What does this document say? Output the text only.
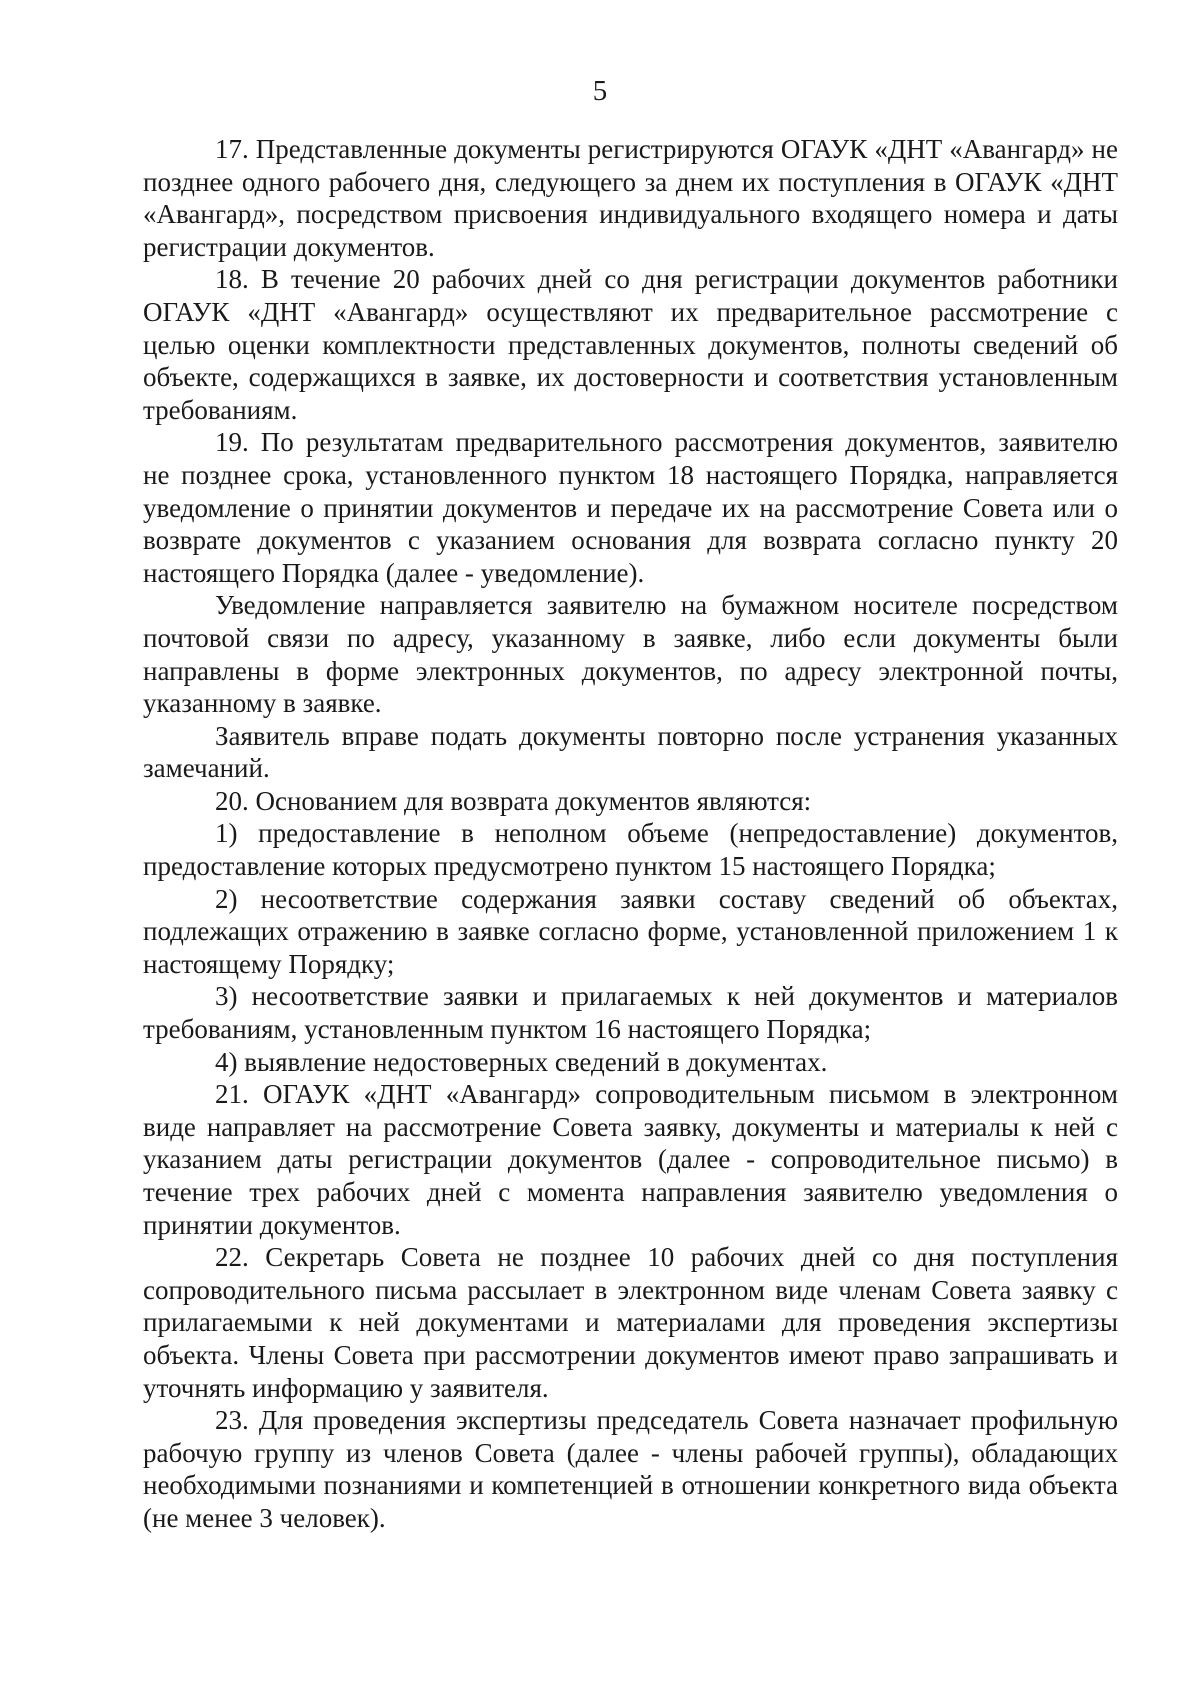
5

17. Представленные документы регистрируются ОГАУК «ДНТ «Авангард» не позднее одного рабочего дня, следующего за днем их поступления в ОГАУК «ДНТ «Авангард», посредством присвоения индивидуального входящего номера и даты регистрации документов.

18. В течение 20 рабочих дней со дня регистрации документов работники ОГАУК «ДНТ «Авангард» осуществляют их предварительное рассмотрение с целью оценки комплектности представленных документов, полноты сведений об объекте, содержащихся в заявке, их достоверности и соответствия установленным требованиям.

19. По результатам предварительного рассмотрения документов, заявителю не позднее срока, установленного пунктом 18 настоящего Порядка, направляется уведомление о принятии документов и передаче их на рассмотрение Совета или о возврате документов с указанием основания для возврата согласно пункту 20 настоящего Порядка (далее - уведомление).

Уведомление направляется заявителю на бумажном носителе посредством почтовой связи по адресу, указанному в заявке, либо если документы были направлены в форме электронных документов, по адресу электронной почты, указанному в заявке.

Заявитель вправе подать документы повторно после устранения указанных замечаний.

20. Основанием для возврата документов являются:

1) предоставление в неполном объеме (непредоставление) документов, предоставление которых предусмотрено пунктом 15 настоящего Порядка;

2) несоответствие содержания заявки составу сведений об объектах, подлежащих отражению в заявке согласно форме, установленной приложением 1 к настоящему Порядку;

3) несоответствие заявки и прилагаемых к ней документов и материалов требованиям, установленным пунктом 16 настоящего Порядка;

4) выявление недостоверных сведений в документах.

21. ОГАУК «ДНТ «Авангард» сопроводительным письмом в электронном виде направляет на рассмотрение Совета заявку, документы и материалы к ней с указанием даты регистрации документов (далее - сопроводительное письмо) в течение трех рабочих дней с момента направления заявителю уведомления о принятии документов.

22. Секретарь Совета не позднее 10 рабочих дней со дня поступления сопроводительного письма рассылает в электронном виде членам Совета заявку с прилагаемыми к ней документами и материалами для проведения экспертизы объекта. Члены Совета при рассмотрении документов имеют право запрашивать и уточнять информацию у заявителя.

23. Для проведения экспертизы председатель Совета назначает профильную рабочую группу из членов Совета (далее - члены рабочей группы), обладающих необходимыми познаниями и компетенцией в отношении конкретного вида объекта (не менее 3 человек).
